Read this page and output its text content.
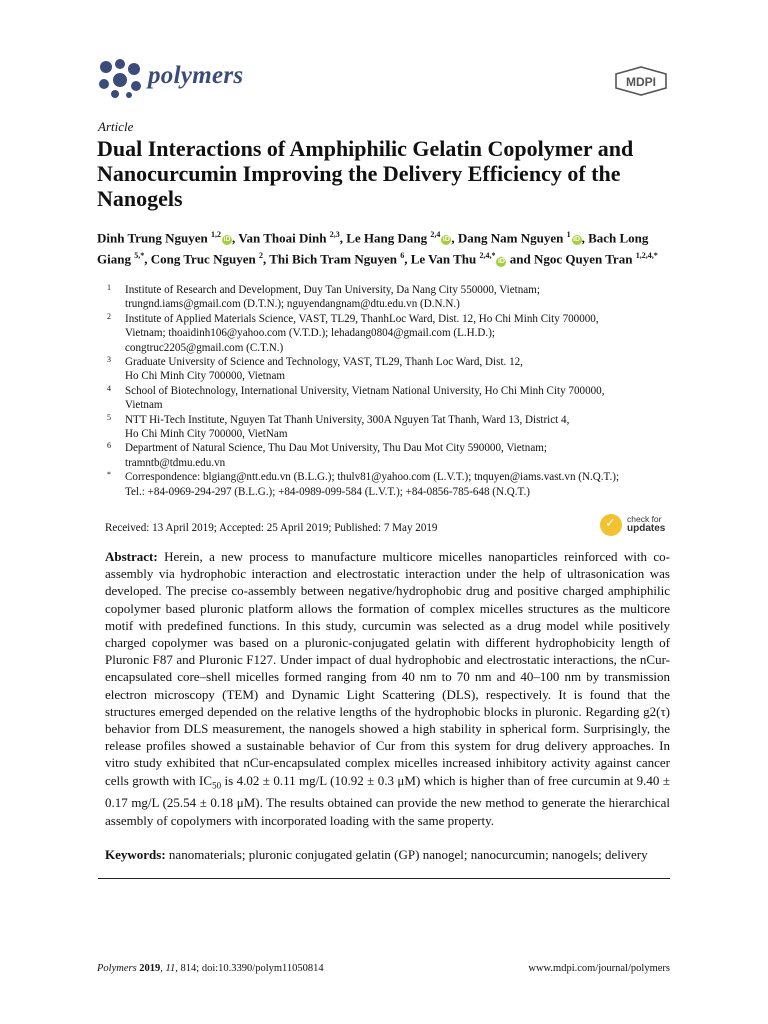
polymers	MDPI
Article
Dual Interactions of Amphiphilic Gelatin Copolymer and Nanocurcumin Improving the Delivery Efficiency of the Nanogels
Dinh Trung Nguyen $^{1,2}$iD , Van Thoai Dinh $^{2,3}$, Le Hang Dang $^{2,4}$iD , Dang Nam Nguyen $^1$iD , Bach Long Giang $^{5,*}$, Cong Truc Nguyen $^2$, Thi Bich Tram Nguyen $^6$, Le Van Thu $^{2,4,*}$iD and Ngoc Quyen Tran $^{1,2,4,*}$
1 Institute of Research and Development, Duy Tan University, Da Nang City 550000, Vietnam;
trungnd.iams@gmail.com (D.T.N.); nguyendangnam@dtu.edu.vn (D.N.N.)
2 Institute of Applied Materials Science, VAST, TL29, ThanhLoc Ward, Dist. 12, Ho Chi Minh City 700000,
Vietnam; thoaidinh106@yahoo.com (V.T.D.); lehadang0804@gmail.com (L.H.D.);
congtruc2205@gmail.com (C.T.N.)
3 Graduate University of Science and Technology, VAST, TL29, Thanh Loc Ward, Dist. 12,
Ho Chi Minh City 700000, Vietnam
4 School of Biotechnology, International University, Vietnam National University, Ho Chi Minh City 700000,
Vietnam
5 NTT Hi-Tech Institute, Nguyen Tat Thanh University, 300A Nguyen Tat Thanh, Ward 13, District 4,
Ho Chi Minh City 700000, VietNam
6 Department of Natural Science, Thu Dau Mot University, Thu Dau Mot City 590000, Vietnam;
tramntb@tdmu.edu.vn
* Correspondence: blgiang@ntt.edu.vn (B.L.G.); thulv81@yahoo.com (L.V.T.); tnquyen@iams.vast.vn (N.Q.T.);
Tel.: +84-0969-294-297 (B.L.G.); +84-0989-099-584 (L.V.T.); +84-0856-785-648 (N.Q.T.)
Received: 13 April 2019; Accepted: 25 April 2019; Published: 7 May 2019	✓ check for
updates

Abstract: Herein, a new process to manufacture multicore micelles nanoparticles reinforced with co-assembly via hydrophobic interaction and electrostatic interaction under the help of ultrasonication was developed. The precise co-assembly between negative/hydrophobic drug and positive charged amphiphilic copolymer based pluronic platform allows the formation of complex micelles structures as the multicore motif with predefined functions. In this study, curcumin was selected as a drug model while positively charged copolymer was based on a pluronic-conjugated gelatin with different hydrophobicity length of Pluronic F87 and Pluronic F127. Under impact of dual hydrophobic and electrostatic interactions, the nCur-encapsulated core–shell micelles formed ranging from 40 nm to 70 nm and 40–100 nm by transmission electron microscopy (TEM) and Dynamic Light Scattering (DLS), respectively. It is found that the structures emerged depended on the relative lengths of the hydrophobic blocks in pluronic. Regarding g2(τ) behavior from DLS measurement, the nanogels showed a high stability in spherical form. Surprisingly, the release profiles showed a sustainable behavior of Cur from this system for drug delivery approaches. In vitro study exhibited that nCur-encapsulated complex micelles increased inhibitory activity against cancer cells growth with $IC_{50}$ is 4.02 ± 0.11 mg/L (10.92 ± 0.3 μM) which is higher than of free curcumin at 9.40 ± 0.17 mg/L (25.54 ± 0.18 μM). The results obtained can provide the new method to generate the hierarchical assembly of copolymers with incorporated loading with the same property.

Keywords: nanomaterials; pluronic conjugated gelatin (GP) nanogel; nanocurcumin; nanogels; delivery

Polymers 2019, 11, 814; doi:10.3390/polym11050814	www.mdpi.com/journal/polymers
